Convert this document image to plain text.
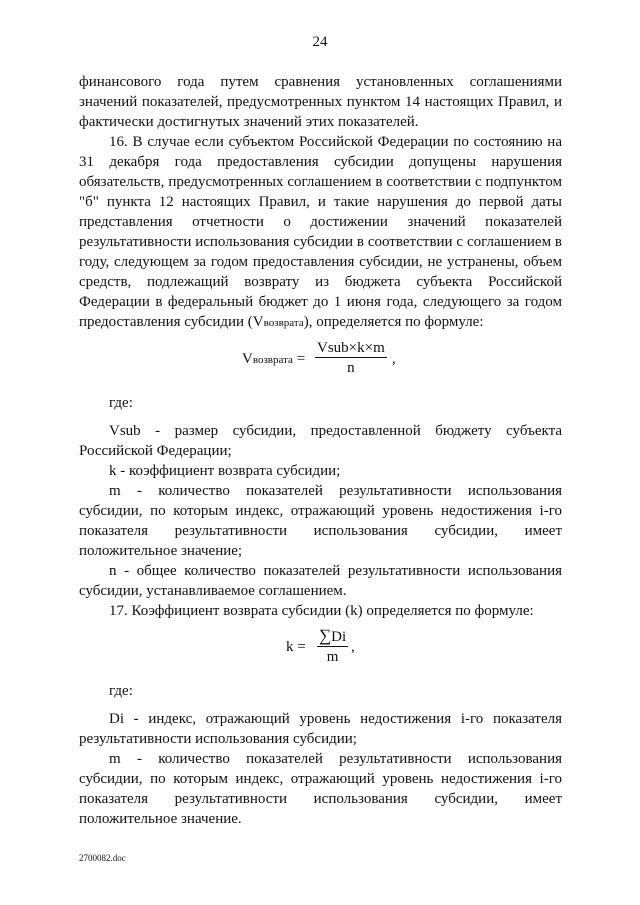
24

финансового года путем сравнения установленных соглашениями значений показателей, предусмотренных пунктом 14 настоящих Правил, и фактически достигнутых значений этих показателей.

16. В случае если субъектом Российской Федерации по состоянию на 31 декабря года предоставления субсидии допущены нарушения обязательств, предусмотренных соглашением в соответствии с подпунктом "б" пункта 12 настоящих Правил, и такие нарушения до первой даты представления отчетности о достижении значений показателей результативности использования субсидии в соответствии с соглашением в году, следующем за годом предоставления субсидии, не устранены, объем средств, подлежащий возврату из бюджета субъекта Российской Федерации в федеральный бюджет до 1 июня года, следующего за годом предоставления субсидии (Vвозврата), определяется по формуле:

Vвозврата =
Vsub×k×m
n
,

где:

Vsub - размер субсидии, предоставленной бюджету субъекта Российской Федерации;

k - коэффициент возврата субсидии;

m - количество показателей результативности использования субсидии, по которым индекс, отражающий уровень недостижения i-го показателя результативности использования субсидии, имеет положительное значение;

n - общее количество показателей результативности использования субсидии, устанавливаемое соглашением.

17. Коэффициент возврата субсидии (k) определяется по формуле:

k =
∑Di
m
,

где:

Di - индекс, отражающий уровень недостижения i-го показателя результативности использования субсидии;

m - количество показателей результативности использования субсидии, по которым индекс, отражающий уровень недостижения i-го показателя результативности использования субсидии, имеет положительное значение.

2700082.doc
